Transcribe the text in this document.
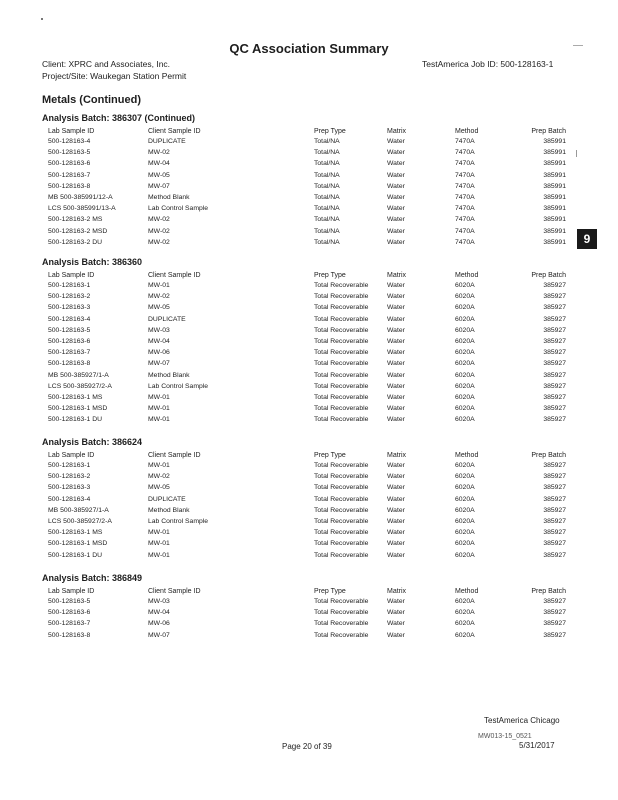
QC Association Summary
Client: XPRC and Associates, Inc.
Project/Site: Waukegan Station Permit
TestAmerica Job ID: 500-128163-1
Metals (Continued)
9
Analysis Batch: 386307 (Continued)
Lab Sample ID	Client Sample ID	Prep Type	Matrix	Method	Prep Batch
500-128163-4	DUPLICATE	Total/NA	Water	7470A	385991
500-128163-5	MW-02	Total/NA	Water	7470A	385991
500-128163-6	MW-04	Total/NA	Water	7470A	385991
500-128163-7	MW-05	Total/NA	Water	7470A	385991
500-128163-8	MW-07	Total/NA	Water	7470A	385991
MB 500-385991/12-A	Method Blank	Total/NA	Water	7470A	385991
LCS 500-385991/13-A	Lab Control Sample	Total/NA	Water	7470A	385991
500-128163-2 MS	MW-02	Total/NA	Water	7470A	385991
500-128163-2 MSD	MW-02	Total/NA	Water	7470A	385991
500-128163-2 DU	MW-02	Total/NA	Water	7470A	385991
Analysis Batch: 386360
Lab Sample ID	Client Sample ID	Prep Type	Matrix	Method	Prep Batch
500-128163-1	MW-01	Total Recoverable	Water	6020A	385927
500-128163-2	MW-02	Total Recoverable	Water	6020A	385927
500-128163-3	MW-05	Total Recoverable	Water	6020A	385927
500-128163-4	DUPLICATE	Total Recoverable	Water	6020A	385927
500-128163-5	MW-03	Total Recoverable	Water	6020A	385927
500-128163-6	MW-04	Total Recoverable	Water	6020A	385927
500-128163-7	MW-06	Total Recoverable	Water	6020A	385927
500-128163-8	MW-07	Total Recoverable	Water	6020A	385927
MB 500-385927/1-A	Method Blank	Total Recoverable	Water	6020A	385927
LCS 500-385927/2-A	Lab Control Sample	Total Recoverable	Water	6020A	385927
500-128163-1 MS	MW-01	Total Recoverable	Water	6020A	385927
500-128163-1 MSD	MW-01	Total Recoverable	Water	6020A	385927
500-128163-1 DU	MW-01	Total Recoverable	Water	6020A	385927
Analysis Batch: 386624
Lab Sample ID	Client Sample ID	Prep Type	Matrix	Method	Prep Batch
500-128163-1	MW-01	Total Recoverable	Water	6020A	385927
500-128163-2	MW-02	Total Recoverable	Water	6020A	385927
500-128163-3	MW-05	Total Recoverable	Water	6020A	385927
500-128163-4	DUPLICATE	Total Recoverable	Water	6020A	385927
MB 500-385927/1-A	Method Blank	Total Recoverable	Water	6020A	385927
LCS 500-385927/2-A	Lab Control Sample	Total Recoverable	Water	6020A	385927
500-128163-1 MS	MW-01	Total Recoverable	Water	6020A	385927
500-128163-1 MSD	MW-01	Total Recoverable	Water	6020A	385927
500-128163-1 DU	MW-01	Total Recoverable	Water	6020A	385927
Analysis Batch: 386849
Lab Sample ID	Client Sample ID	Prep Type	Matrix	Method	Prep Batch
500-128163-5	MW-03	Total Recoverable	Water	6020A	385927
500-128163-6	MW-04	Total Recoverable	Water	6020A	385927
500-128163-7	MW-06	Total Recoverable	Water	6020A	385927
500-128163-8	MW-07	Total Recoverable	Water	6020A	385927
TestAmerica Chicago
MW013-15_0521
Page 20 of 39	5/31/2017
